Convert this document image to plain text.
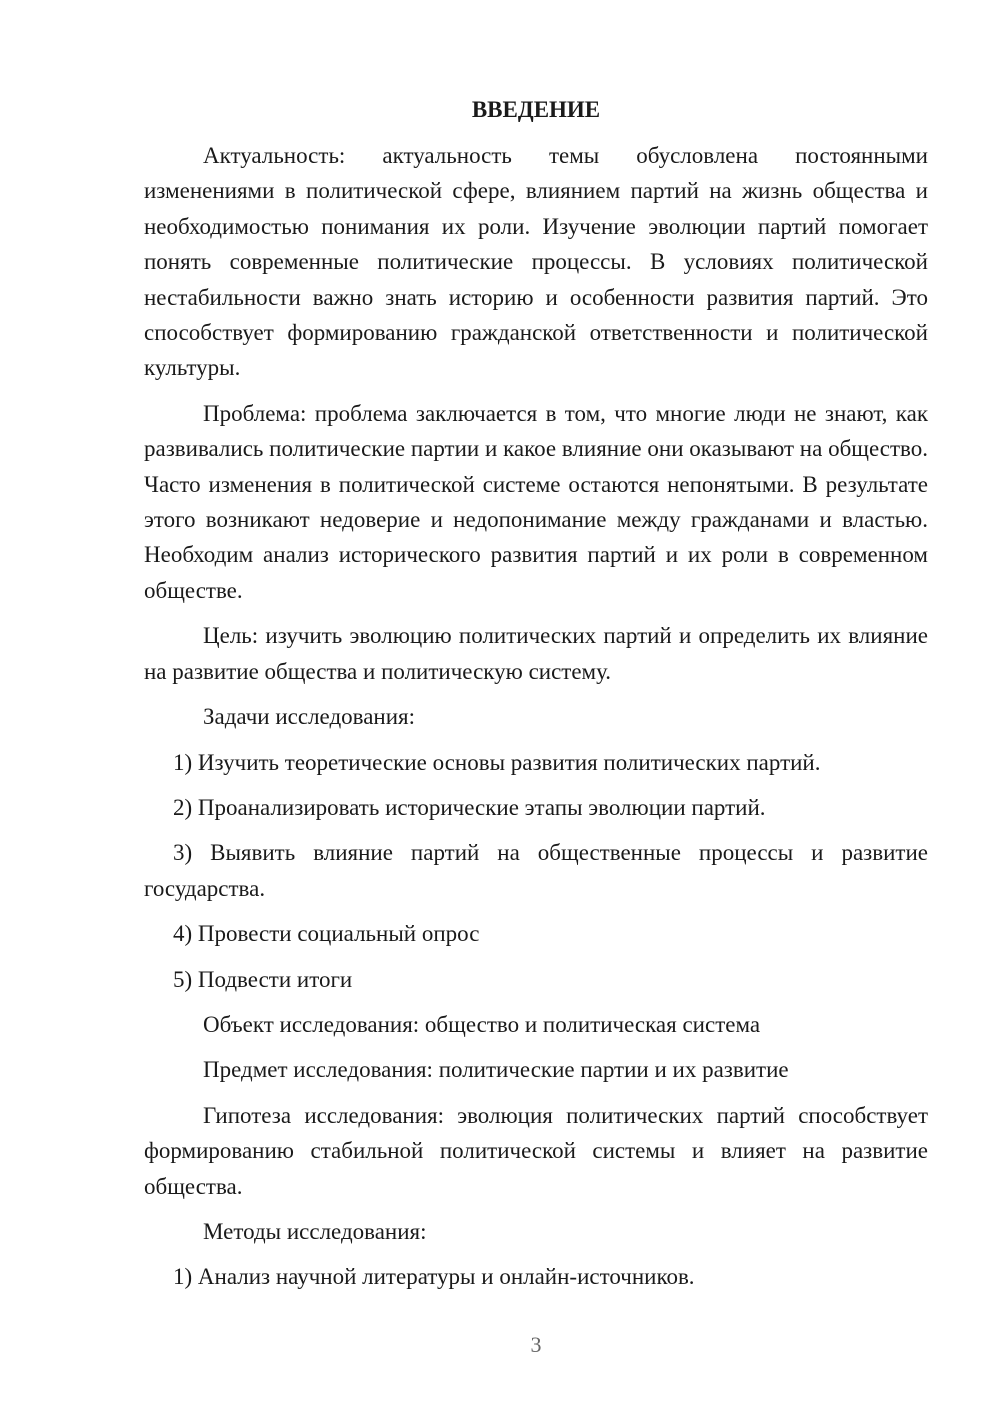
ВВЕДЕНИЕ

Актуальность: актуальность темы обусловлена постоянными изменениями в политической сфере, влиянием партий на жизнь общества и необходимостью понимания их роли. Изучение эволюции партий помогает понять современные политические процессы. В условиях политической нестабильности важно знать историю и особенности развития партий. Это способствует формированию гражданской ответственности и политической культуры.

Проблема: проблема заключается в том, что многие люди не знают, как развивались политические партии и какое влияние они оказывают на общество. Часто изменения в политической системе остаются непонятыми. В результате этого возникают недоверие и недопонимание между гражданами и властью. Необходим анализ исторического развития партий и их роли в современном обществе.

Цель: изучить эволюцию политических партий и определить их влияние на развитие общества и политическую систему.

Задачи исследования:

1) Изучить теоретические основы развития политических партий.

2) Проанализировать исторические этапы эволюции партий.

3) Выявить влияние партий на общественные процессы и развитие государства.

4) Провести социальный опрос

5) Подвести итоги

Объект исследования: общество и политическая система

Предмет исследования: политические партии и их развитие

Гипотеза исследования: эволюция политических партий способствует формированию стабильной политической системы и влияет на развитие общества.

Методы исследования:

1) Анализ научной литературы и онлайн-источников.

3
